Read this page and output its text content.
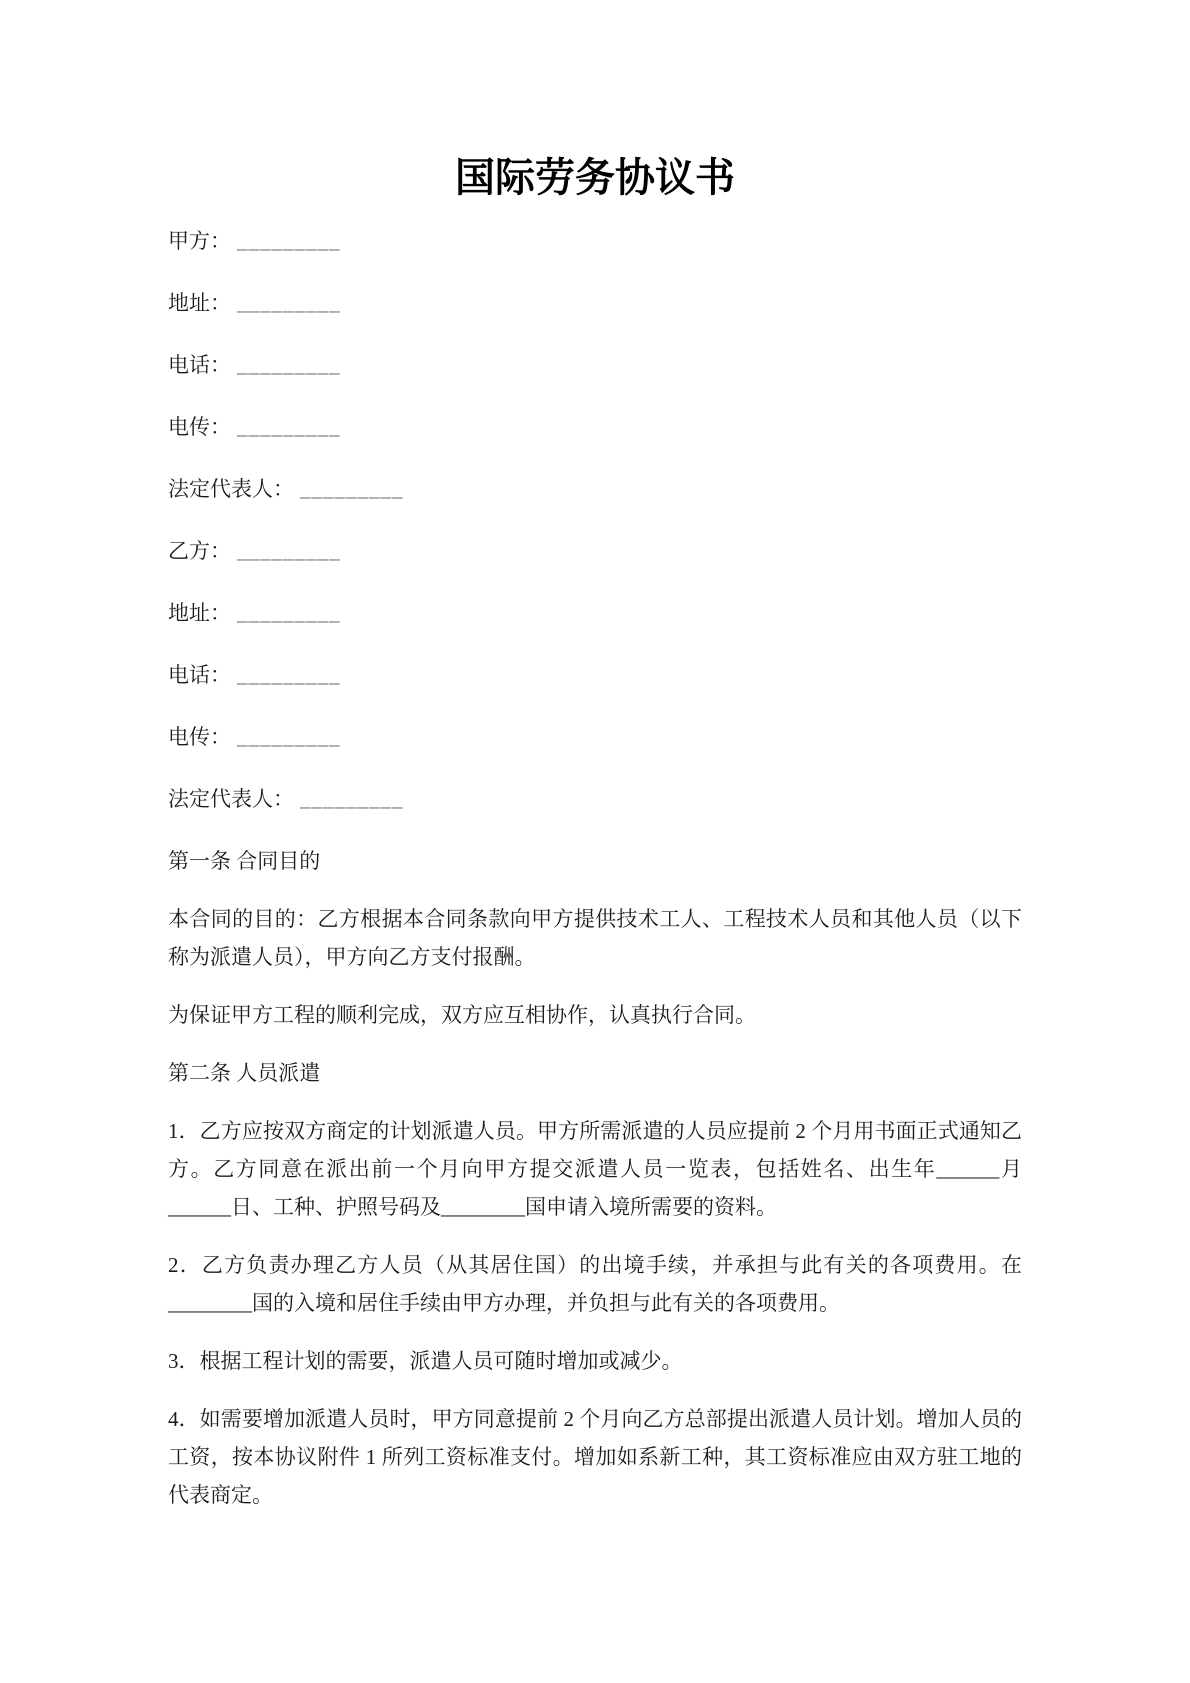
国际劳务协议书
甲方： _________
地址： _________
电话： _________
电传： _________
法定代表人： _________
乙方： _________
地址： _________
电话： _________
电传： _________
法定代表人： _________

第一条 合同目的

本合同的目的：乙方根据本合同条款向甲方提供技术工人、工程技术人员和其他人员（以下称为派遣人员），甲方向乙方支付报酬。

为保证甲方工程的顺利完成，双方应互相协作，认真执行合同。

第二条 人员派遣

1．乙方应按双方商定的计划派遣人员。甲方所需派遣的人员应提前 2 个月用书面正式通知乙方。乙方同意在派出前一个月向甲方提交派遣人员一览表，包括姓名、出生年______月______日、工种、护照号码及________国申请入境所需要的资料。

2．乙方负责办理乙方人员（从其居住国）的出境手续，并承担与此有关的各项费用。在________国的入境和居住手续由甲方办理，并负担与此有关的各项费用。

3．根据工程计划的需要，派遣人员可随时增加或减少。

4．如需要增加派遣人员时，甲方同意提前 2 个月向乙方总部提出派遣人员计划。增加人员的工资，按本协议附件 1 所列工资标准支付。增加如系新工种，其工资标准应由双方驻工地的代表商定。
